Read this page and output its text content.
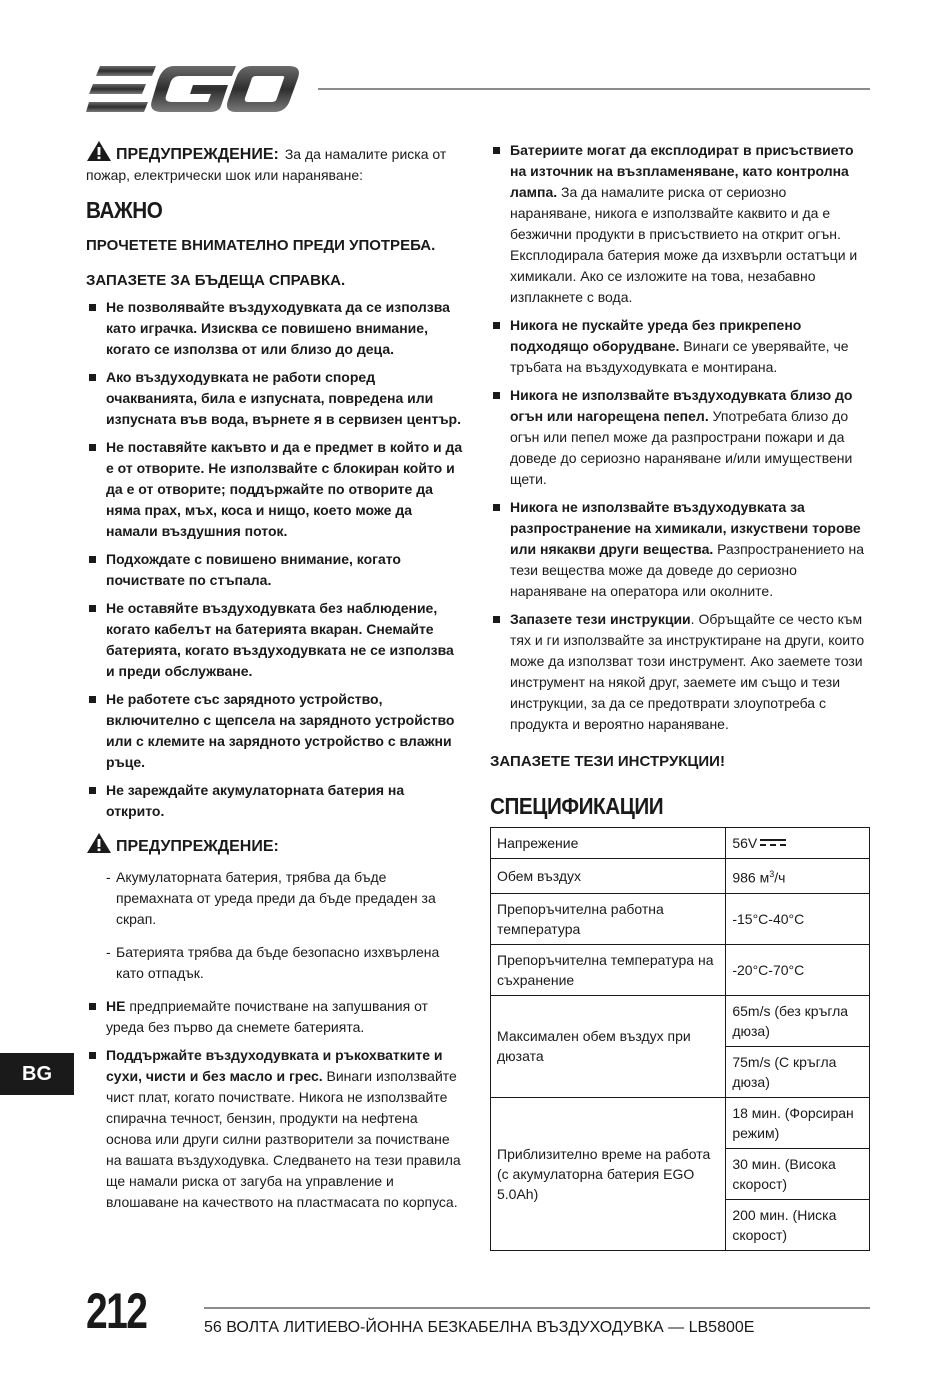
ПРЕДУПРЕЖДЕНИЕ: За да намалите риска от пожар, електрически шок или нараняване:
ВАЖНО
ПРОЧЕТЕТЕ ВНИМАТЕЛНО ПРЕДИ УПОТРЕБА.
ЗАПАЗЕТЕ ЗА БЪДЕЩА СПРАВКА.
Не позволявайте въздуходувката да се използва като играчка. Изисква се повишено внимание, когато се използва от или близо до деца.
Ако въздуходувката не работи според очакванията, била е изпусната, повредена или изпусната във вода, върнете я в сервизен център.
Не поставяйте какъвто и да е предмет в който и да е от отворите. Не използвайте с блокиран който и да е от отворите; поддържайте по отворите да няма прах, мъх, коса и нищо, което може да намали въздушния поток.
Подхождате с повишено внимание, когато почиствате по стъпала.
Не оставяйте въздуходувката без наблюдение, когато кабелът на батерията вкаран. Снемайте батерията, когато въздуходувката не се използва и преди обслужване.
Не работете със зарядното устройство, включително с щепсела на зарядното устройство или с клемите на зарядното устройство с влажни ръце.
Не зареждайте акумулаторната батерия на открито.
ПРЕДУПРЕЖДЕНИЕ:
- Акумулаторната батерия, трябва да бъде премахната от уреда преди да бъде предаден за скрап.
- Батерията трябва да бъде безопасно изхвърлена като отпадък.
НЕ предприемайте почистване на запушвания от уреда без първо да снемете батерията.
Поддържайте въздуходувката и ръкохватките и сухи, чисти и без масло и грес. Винаги използвайте чист плат, когато почиствате. Никога не използвайте спирачна течност, бензин, продукти на нефтена основа или други силни разтворители за почистване на вашата въздуходувка. Следването на тези правила ще намали риска от загуба на управление и влошаване на качеството на пластмасата по корпуса.
Батериите могат да експлодират в присъствието на източник на възпламеняване, като контролна лампа. За да намалите риска от сериозно нараняване, никога е използвайте каквито и да е безжични продукти в присъствието на открит огън. Експлодирала батерия може да изхвърли остатъци и химикали. Ако се изложите на това, незабавно изплакнете с вода.
Никога не пускайте уреда без прикрепено подходящо оборудване. Винаги се уверявайте, че тръбата на въздуходувката е монтирана.
Никога не използвайте въздуходувката близо до огън или нагорещена пепел. Употребата близо до огън или пепел може да разпространи пожари и да доведе до сериозно нараняване и/или имуществени щети.
Никога не използвайте въздуходувката за разпространение на химикали, изкуствени торове или някакви други вещества. Разпространението на тези вещества може да доведе до сериозно нараняване на оператора или околните.
Запазете тези инструкции. Обръщайте се често към тях и ги използвайте за инструктиране на други, които може да използват този инструмент. Ако заемете този инструмент на някой друг, заемете им също и тези инструкции, за да се предотврати злоупотреба с продукта и вероятно нараняване.
ЗАПАЗЕТЕ ТЕЗИ ИНСТРУКЦИИ!
СПЕЦИФИКАЦИИ
Напрежение	56V

Обем въздух	986 $м^3/ч$
Препоръчителна работна температура	-15°C-40°C
Препоръчителна температура на съхранение	-20°C-70°C
Максимален обем въздух при дюзата	65m/s (без кръгла дюза)
	75m/s (С кръгла дюза)
Приблизително време на работа (с акумулаторна батерия EGO 5.0Ah)	18 мин. (Форсиран режим)
	30 мин. (Висока скорост)
	200 мин. (Ниска скорост)
BG
212	56 ВОЛТА ЛИТИЕВО-ЙОННА БЕЗКАБЕЛНА ВЪЗДУХОДУВКА — LB5800E
